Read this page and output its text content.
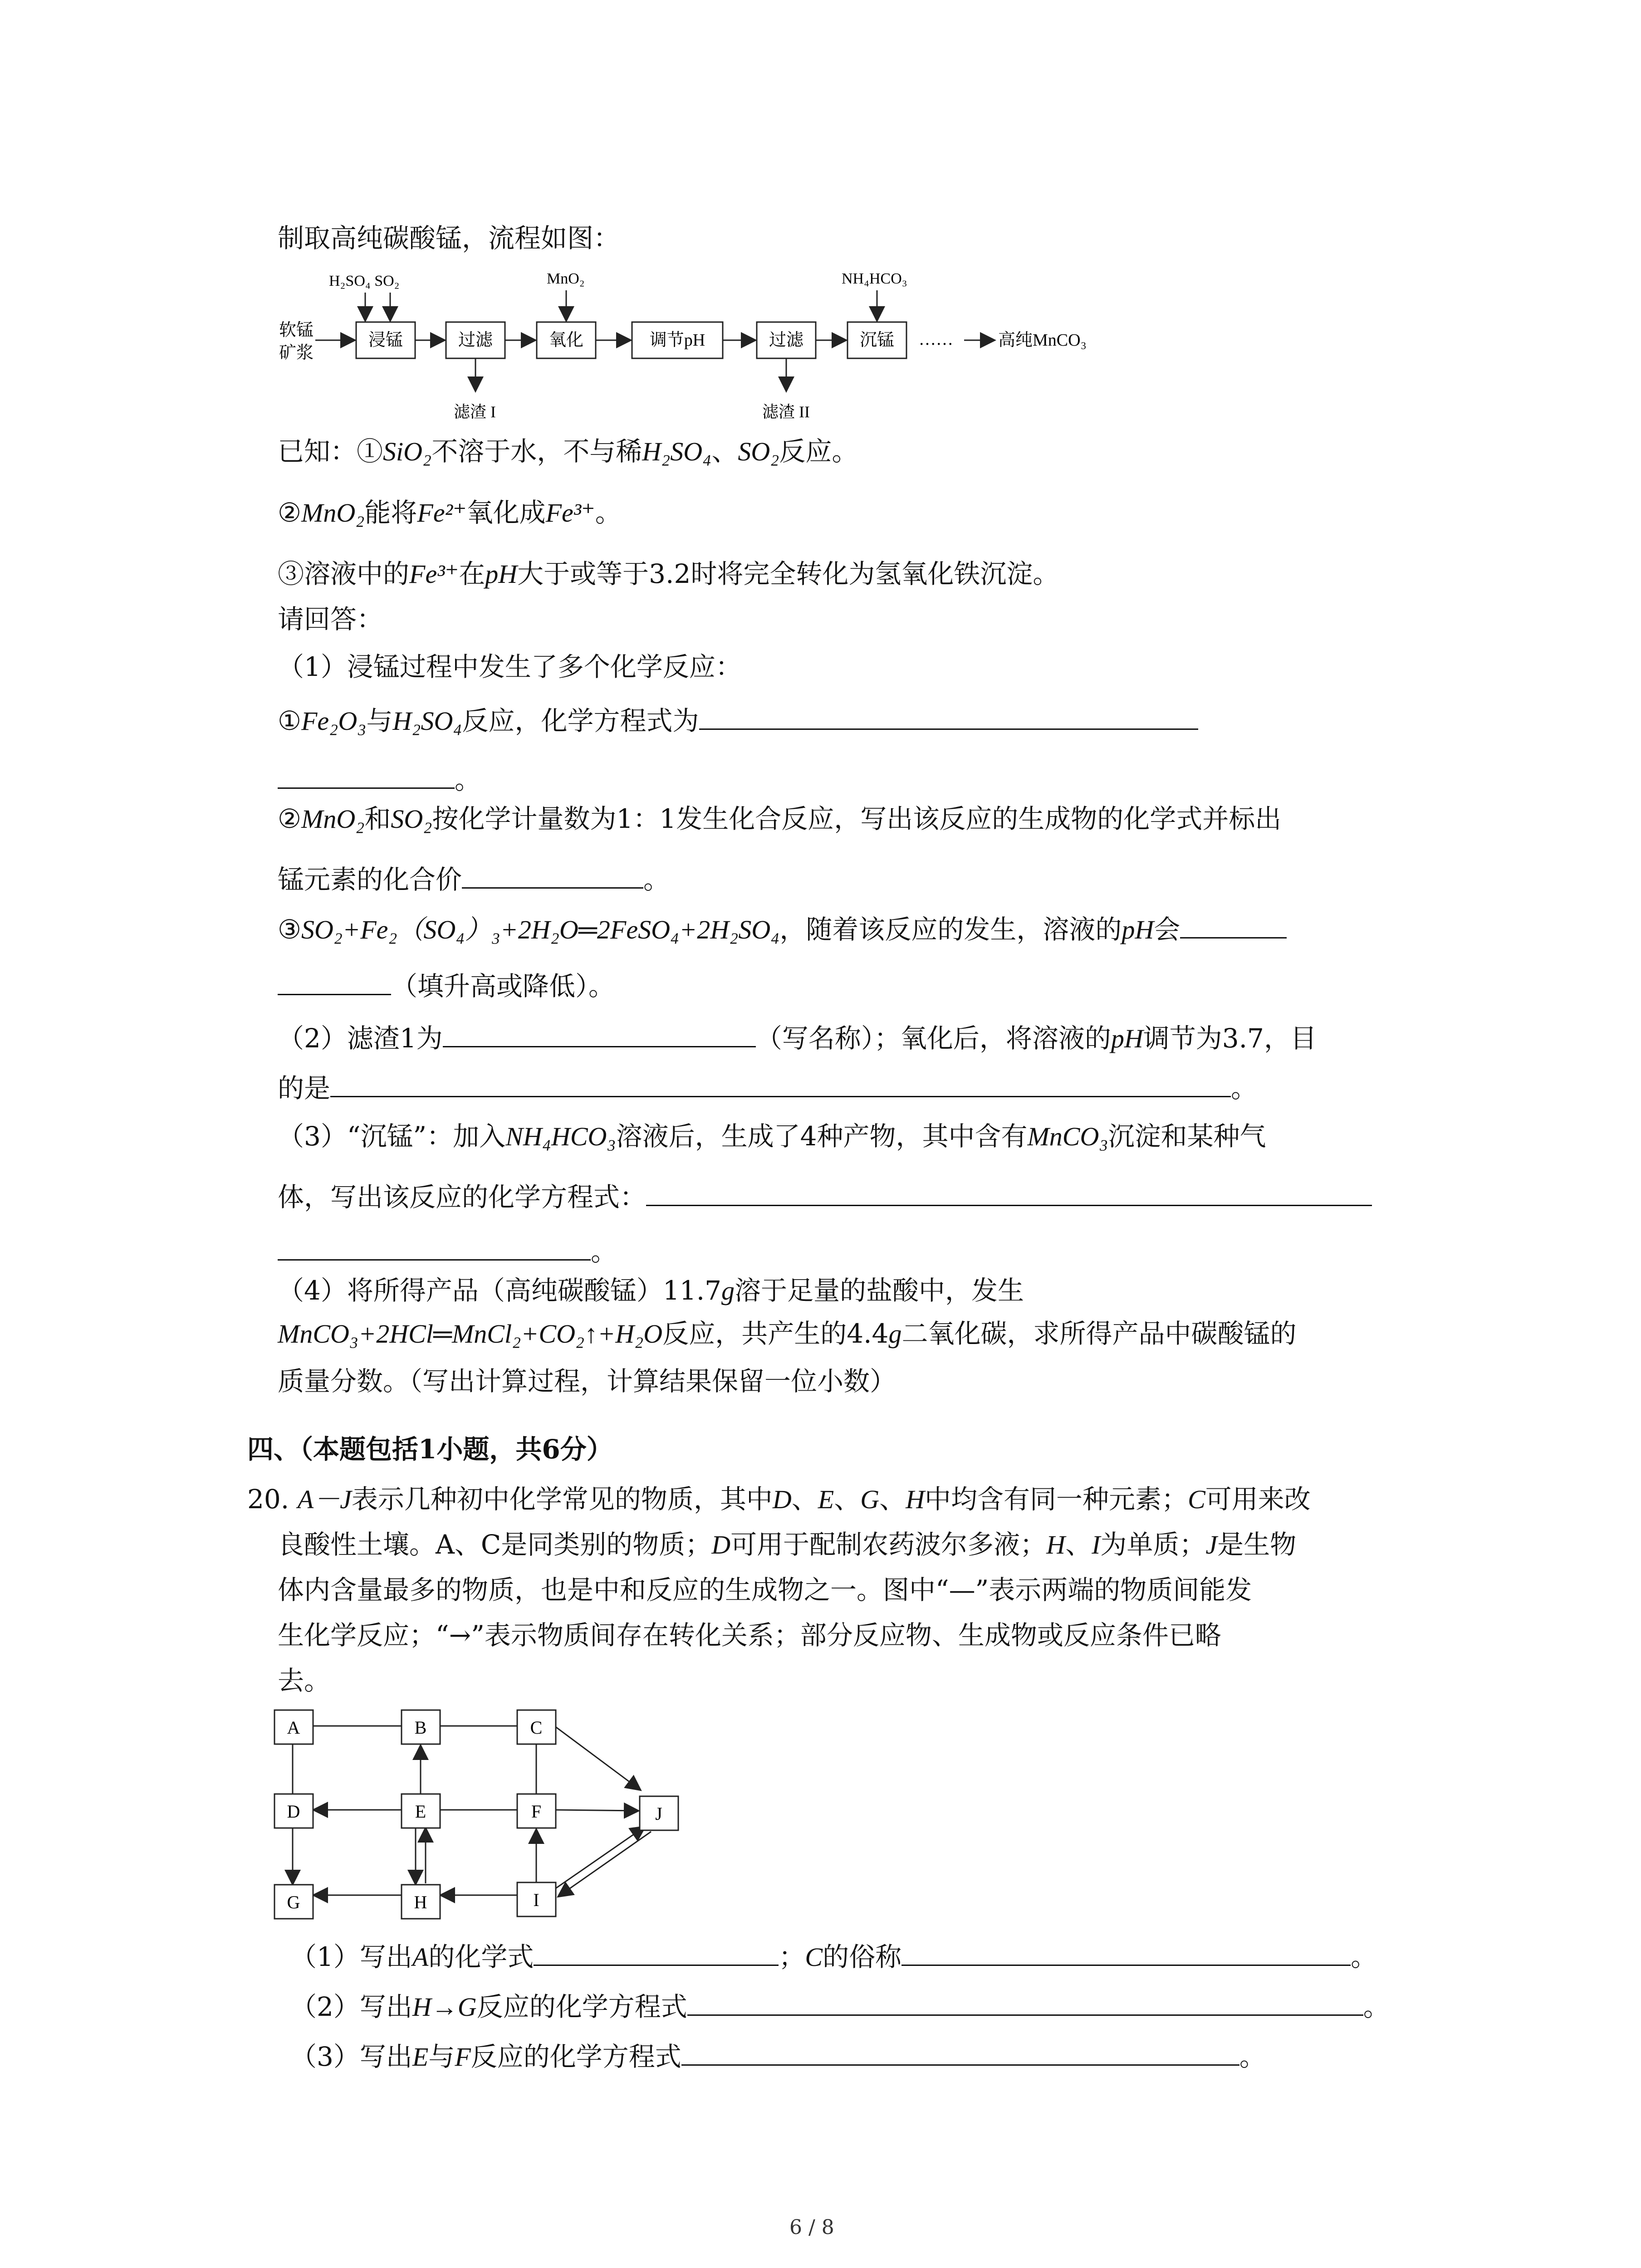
制取高纯碳酸锰，流程如图：
软锰
矿浆
H₂SO₄ SO₂
浸锰	过滤
滤渣 I
MnO₂
氧化	调节pH	过滤
滤渣 II
NH₄HCO₃
沉锰 ……	高纯MnCO₃
已知：①SiO₂不溶于水，不与稀H₂SO₄、SO₂反应。
②MnO₂能将Fe²⁺氧化成Fe³⁺。
③溶液中的Fe³⁺在pH大于或等于3.2时将完全转化为氢氧化铁沉淀。
请回答：
（1）浸锰过程中发生了多个化学反应：
①Fe₂O₃与H₂SO₄反应，化学方程式为
。
②MnO₂和SO₂按化学计量数为1：1发生化合反应，写出该反应的生成物的化学式并标出
锰元素的化合价	。
③SO₂+Fe₂（SO₄）₃+2H₂O═2FeSO₄+2H₂SO₄，随着该反应的发生，溶液的pH会
（填升高或降低）。
（2）滤渣1为	（写名称）；氧化后，将溶液的pH调节为3.7，目
的是	。
（3）“沉锰”：加入NH₄HCO₃溶液后，生成了4种产物，其中含有MnCO₃沉淀和某种气
体，写出该反应的化学方程式：
。
（4）将所得产品（高纯碳酸锰）11.7g溶于足量的盐酸中，发生
MnCO₃+2HCl═MnCl₂+CO₂↑+H₂O反应，共产生的4.4g二氧化碳，求所得产品中碳酸锰的
质量分数。（写出计算过程，计算结果保留一位小数）
四、（本题包括1小题，共6分）
20. A－J表示几种初中化学常见的物质，其中D、E、G、H中均含有同一种元素；C可用来改
良酸性土壤。A、C是同类别的物质；D可用于配制农药波尔多液；H、I为单质；J是生物
体内含量最多的物质，也是中和反应的生成物之一。图中“—”表示两端的物质间能发
生化学反应；“→”表示物质间存在转化关系；部分反应物、生成物或反应条件已略
去。
A	B	C
D	E	F	J
G	H	I
（1）写出A的化学式	；C的俗称	。
（2）写出H→G反应的化学方程式	。
（3）写出E与F反应的化学方程式	。
6 / 8
